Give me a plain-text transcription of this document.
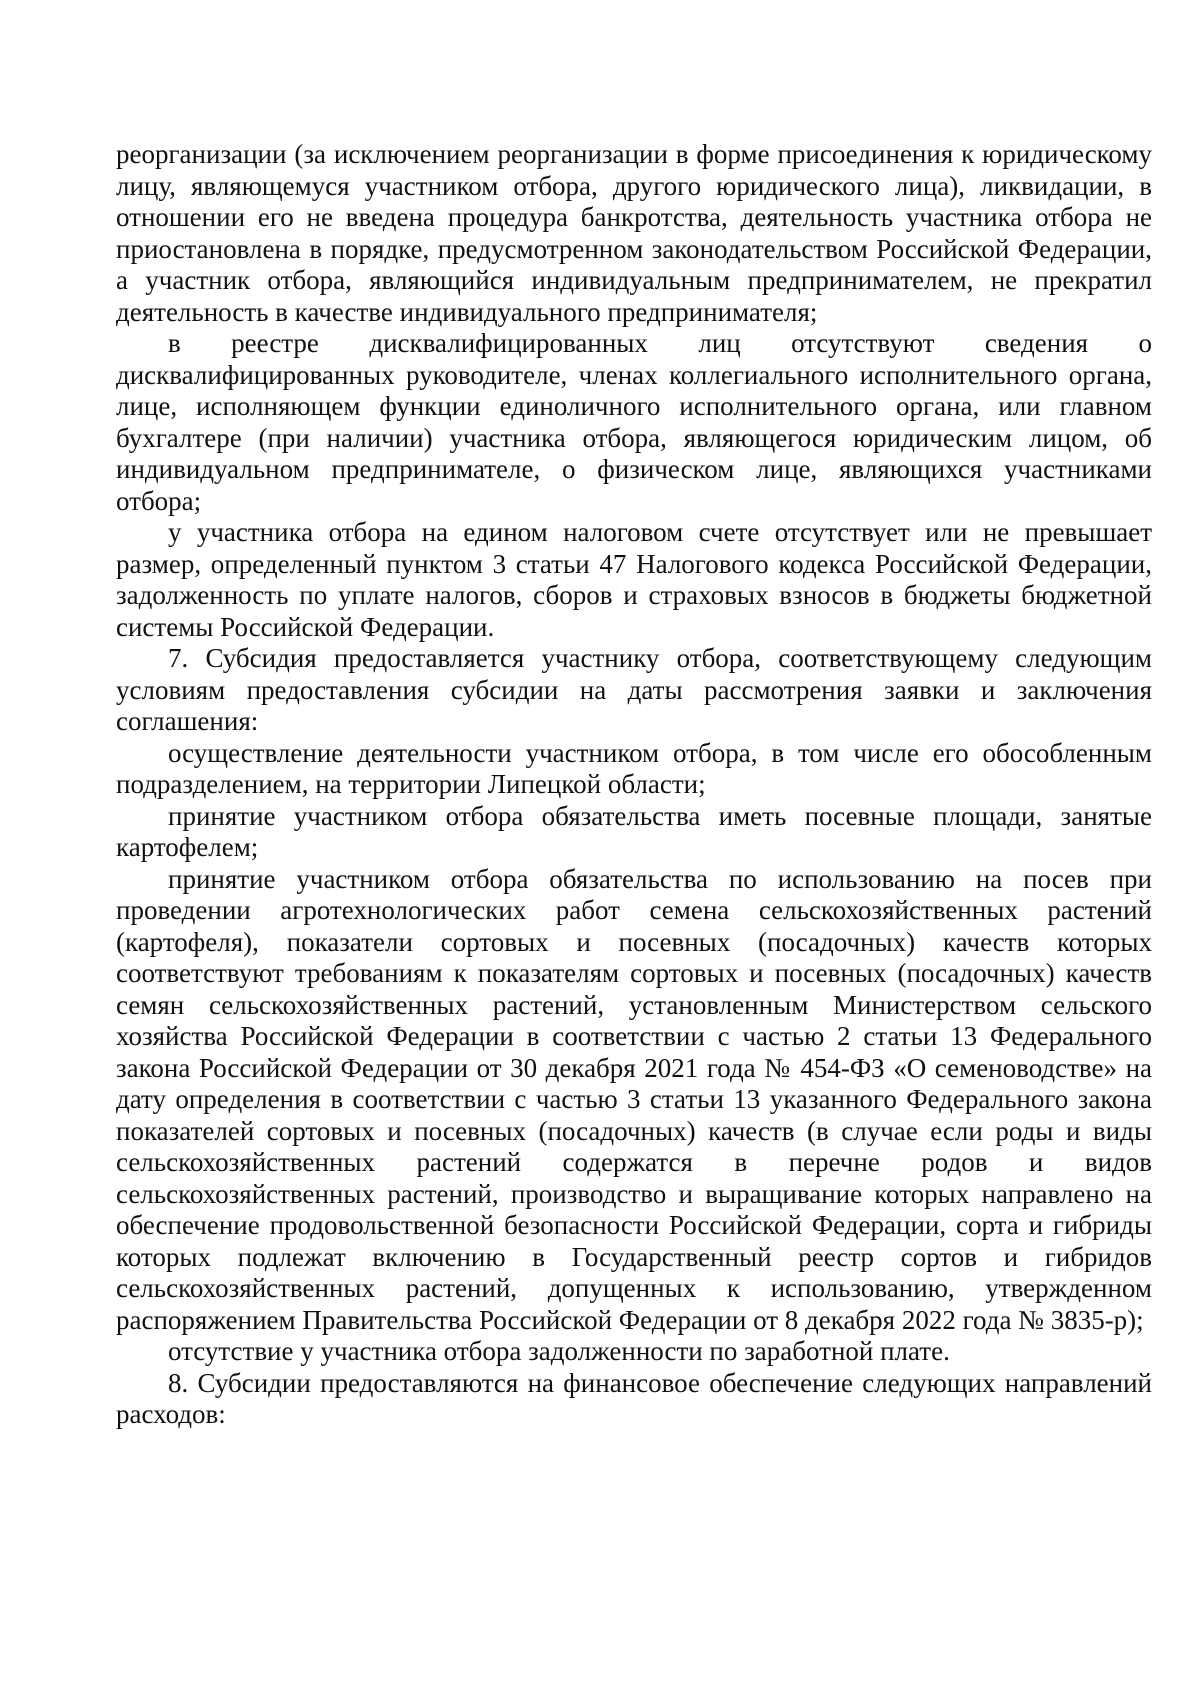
реорганизации (за исключением реорганизации в форме присоединения к юридическому лицу, являющемуся участником отбора, другого юридического лица), ликвидации, в отношении его не введена процедура банкротства, деятельность участника отбора не приостановлена в порядке, предусмотренном законодательством Российской Федерации, а участник отбора, являющийся индивидуальным предпринимателем, не прекратил деятельность в качестве индивидуального предпринимателя;

в реестре дисквалифицированных лиц отсутствуют сведения о дисквалифицированных руководителе, членах коллегиального исполнительного органа, лице, исполняющем функции единоличного исполнительного органа, или главном бухгалтере (при наличии) участника отбора, являющегося юридическим лицом, об индивидуальном предпринимателе, о физическом лице, являющихся участниками отбора;

у участника отбора на едином налоговом счете отсутствует или не превышает размер, определенный пунктом 3 статьи 47 Налогового кодекса Российской Федерации, задолженность по уплате налогов, сборов и страховых взносов в бюджеты бюджетной системы Российской Федерации.

7. Субсидия предоставляется участнику отбора, соответствующему следующим условиям предоставления субсидии на даты рассмотрения заявки и заключения соглашения:

осуществление деятельности участником отбора, в том числе его обособленным подразделением, на территории Липецкой области;

принятие участником отбора обязательства иметь посевные площади, занятые картофелем;

принятие участником отбора обязательства по использованию на посев при проведении агротехнологических работ семена сельскохозяйственных растений (картофеля), показатели сортовых и посевных (посадочных) качеств которых соответствуют требованиям к показателям сортовых и посевных (посадочных) качеств семян сельскохозяйственных растений, установленным Министерством сельского хозяйства Российской Федерации в соответствии с частью 2 статьи 13 Федерального закона Российской Федерации от 30 декабря 2021 года № 454-ФЗ «О семеноводстве» на дату определения в соответствии с частью 3 статьи 13 указанного Федерального закона показателей сортовых и посевных (посадочных) качеств (в случае если роды и виды сельскохозяйственных растений содержатся в перечне родов и видов сельскохозяйственных растений, производство и выращивание которых направлено на обеспечение продовольственной безопасности Российской Федерации, сорта и гибриды которых подлежат включению в Государственный реестр сортов и гибридов сельскохозяйственных растений, допущенных к использованию, утвержденном распоряжением Правительства Российской Федерации от 8 декабря 2022 года № 3835-р);

отсутствие у участника отбора задолженности по заработной плате.

8. Субсидии предоставляются на финансовое обеспечение следующих направлений расходов:
